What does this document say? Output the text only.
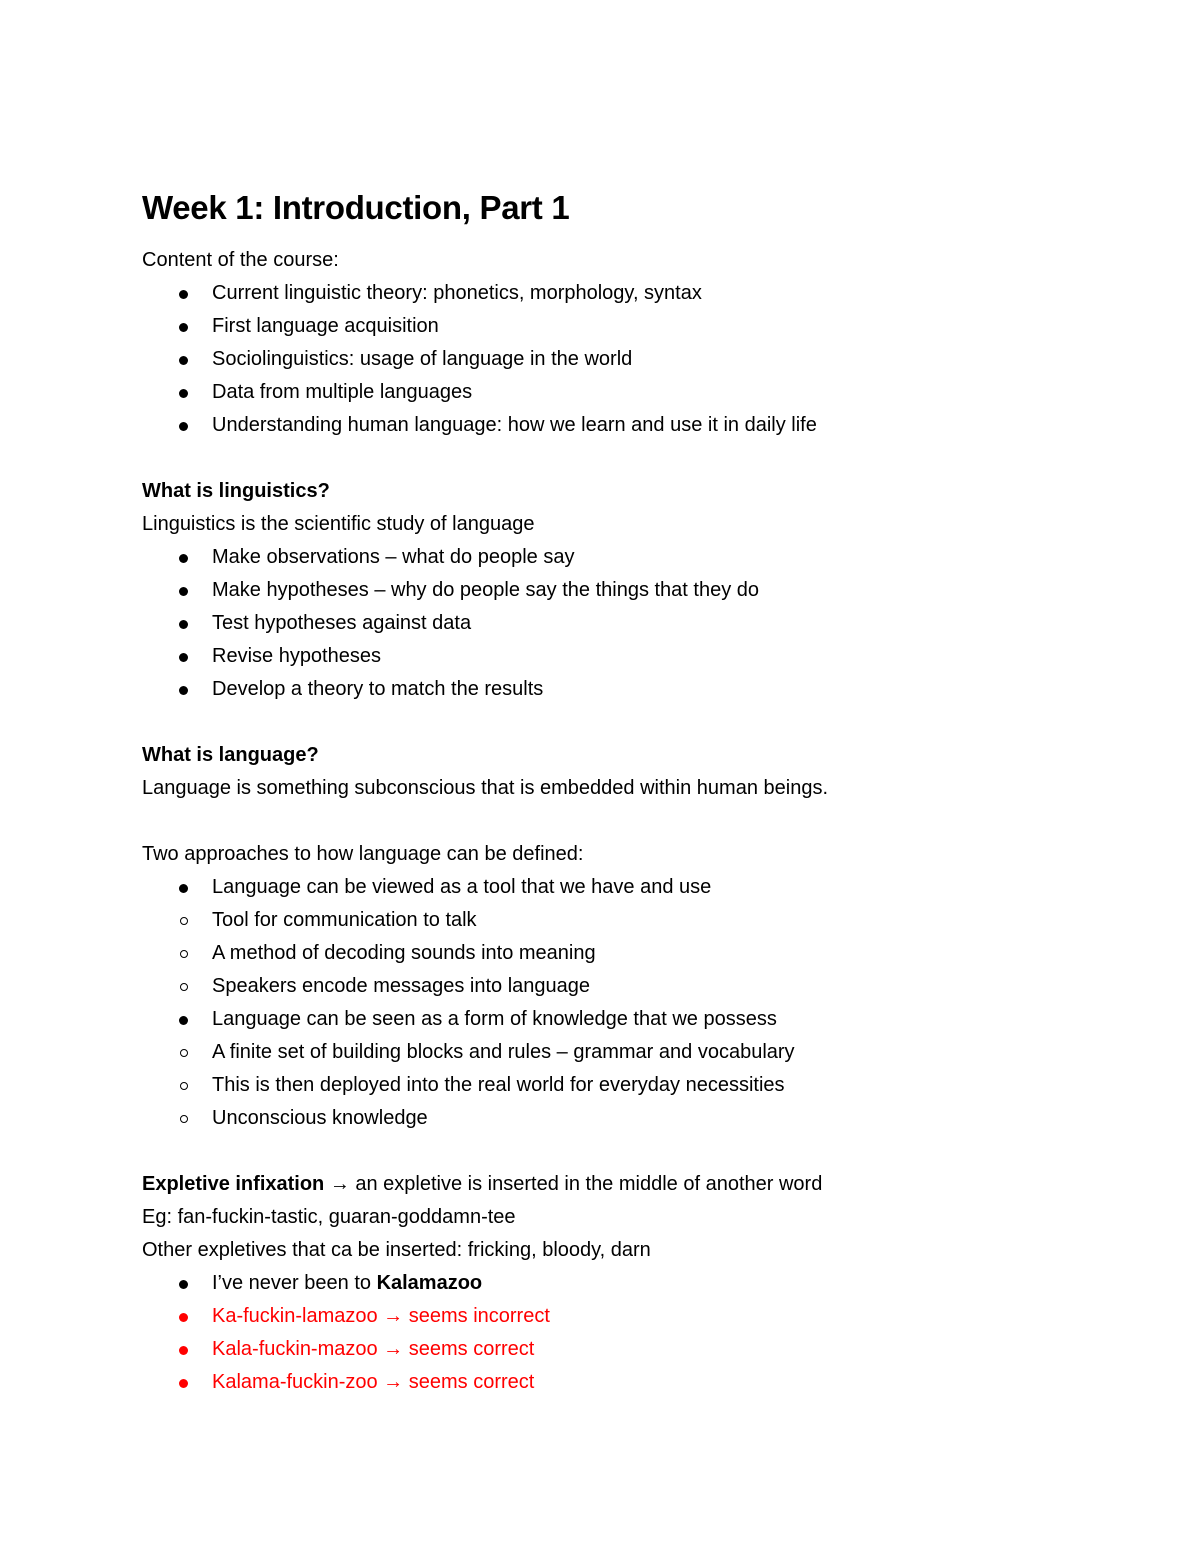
Week 1: Introduction, Part 1
Content of the course:
Current linguistic theory: phonetics, morphology, syntax
First language acquisition
Sociolinguistics: usage of language in the world
Data from multiple languages
Understanding human language: how we learn and use it in daily life
What is linguistics?
Linguistics is the scientific study of language
Make observations – what do people say
Make hypotheses – why do people say the things that they do
Test hypotheses against data
Revise hypotheses
Develop a theory to match the results
What is language?
Language is something subconscious that is embedded within human beings.
Two approaches to how language can be defined:
Language can be viewed as a tool that we have and use
Tool for communication to talk
A method of decoding sounds into meaning
Speakers encode messages into language
Language can be seen as a form of knowledge that we possess
A finite set of building blocks and rules – grammar and vocabulary
This is then deployed into the real world for everyday necessities
Unconscious knowledge
Expletive infixation → an expletive is inserted in the middle of another word
Eg: fan-fuckin-tastic, guaran-goddamn-tee
Other expletives that ca be inserted: fricking, bloody, darn
I’ve never been to Kalamazoo
Ka-fuckin-lamazoo → seems incorrect
Kala-fuckin-mazoo → seems correct
Kalama-fuckin-zoo → seems correct
